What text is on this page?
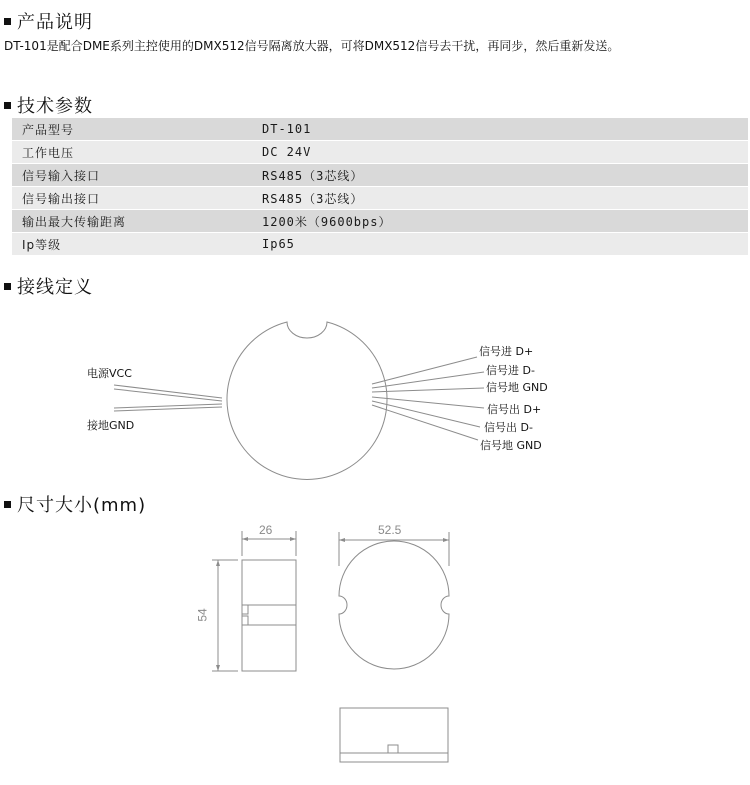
产品说明
DT-101是配合DME系列主控使用的DMX512信号隔离放大器，可将DMX512信号去干扰，再同步，然后重新发送。
技术参数
产品型号	DT-101
工作电压	DC 24V
信号输入接口	RS485（3芯线）
信号输出接口	RS485（3芯线）
输出最大传输距离	1200米（9600bps）
Ip等级	Ip65
接线定义
尺寸大小(mm)
电源VCC
接地GND
信号进 D+
信号进 D-
信号地 GND
信号出 D+
信号出 D-
信号地 GND
26	52.5
54
